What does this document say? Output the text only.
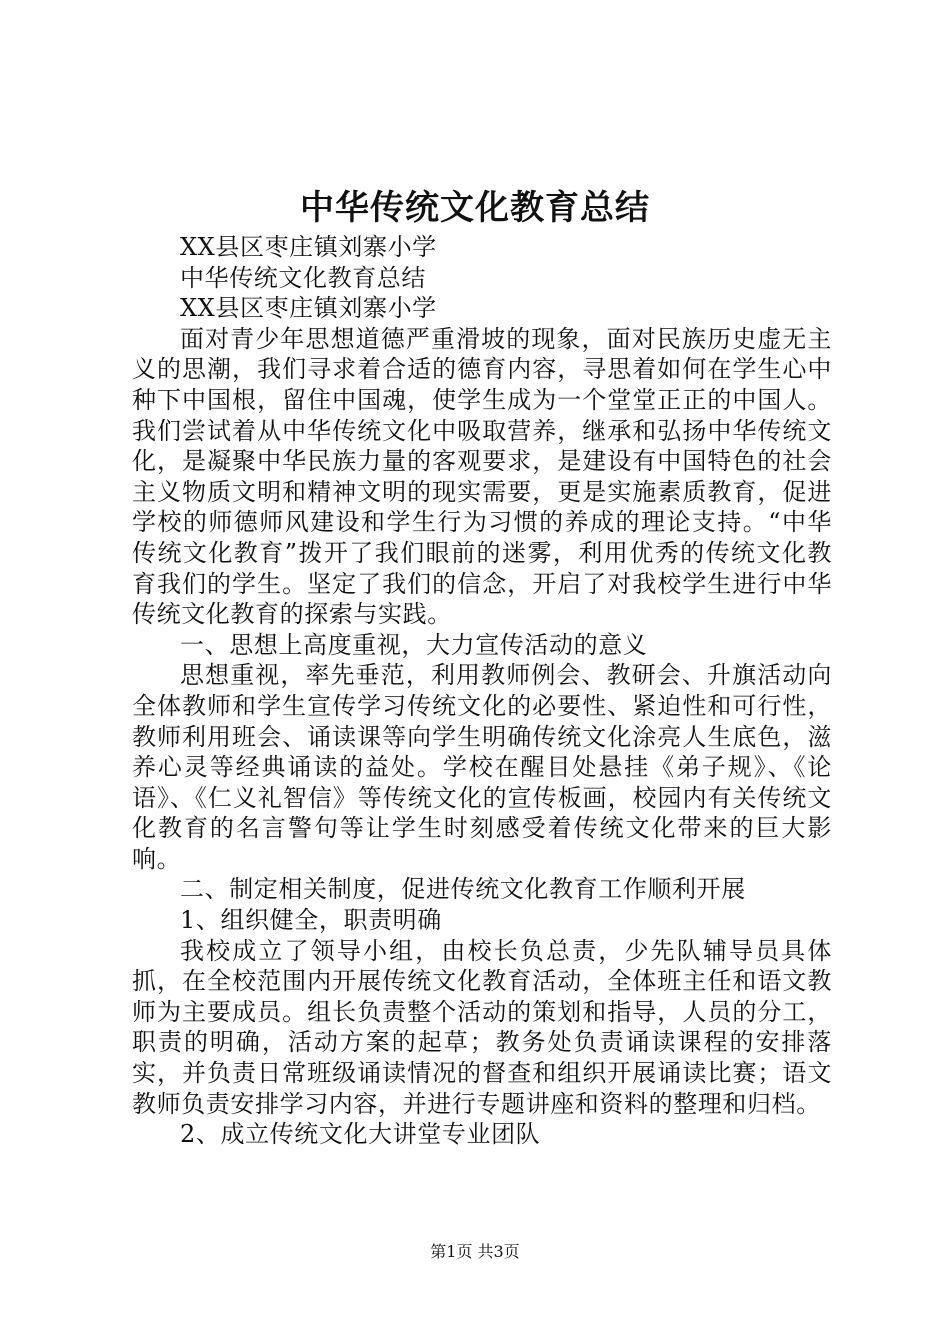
中华传统文化教育总结

XX县区枣庄镇刘寨小学

中华传统文化教育总结

XX县区枣庄镇刘寨小学

面对青少年思想道德严重滑坡的现象，面对民族历史虚无主义的思潮，我们寻求着合适的德育内容，寻思着如何在学生心中种下中国根，留住中国魂，使学生成为一个堂堂正正的中国人。我们尝试着从中华传统文化中吸取营养，继承和弘扬中华传统文化，是凝聚中华民族力量的客观要求，是建设有中国特色的社会主义物质文明和精神文明的现实需要，更是实施素质教育，促进学校的师德师风建设和学生行为习惯的养成的理论支持。“中华传统文化教育”拨开了我们眼前的迷雾，利用优秀的传统文化教育我们的学生。坚定了我们的信念，开启了对我校学生进行中华传统文化教育的探索与实践。

一、思想上高度重视，大力宣传活动的意义

思想重视，率先垂范，利用教师例会、教研会、升旗活动向全体教师和学生宣传学习传统文化的必要性、紧迫性和可行性，教师利用班会、诵读课等向学生明确传统文化涂亮人生底色，滋养心灵等经典诵读的益处。学校在醒目处悬挂《弟子规》、《论语》、《仁义礼智信》等传统文化的宣传板画，校园内有关传统文化教育的名言警句等让学生时刻感受着传统文化带来的巨大影响。

二、制定相关制度，促进传统文化教育工作顺利开展

1、组织健全，职责明确

我校成立了领导小组，由校长负总责，少先队辅导员具体抓，在全校范围内开展传统文化教育活动，全体班主任和语文教师为主要成员。组长负责整个活动的策划和指导，人员的分工，职责的明确，活动方案的起草；教务处负责诵读课程的安排落实，并负责日常班级诵读情况的督查和组织开展诵读比赛；语文教师负责安排学习内容，并进行专题讲座和资料的整理和归档。

2、成立传统文化大讲堂专业团队

第1页 共3页
